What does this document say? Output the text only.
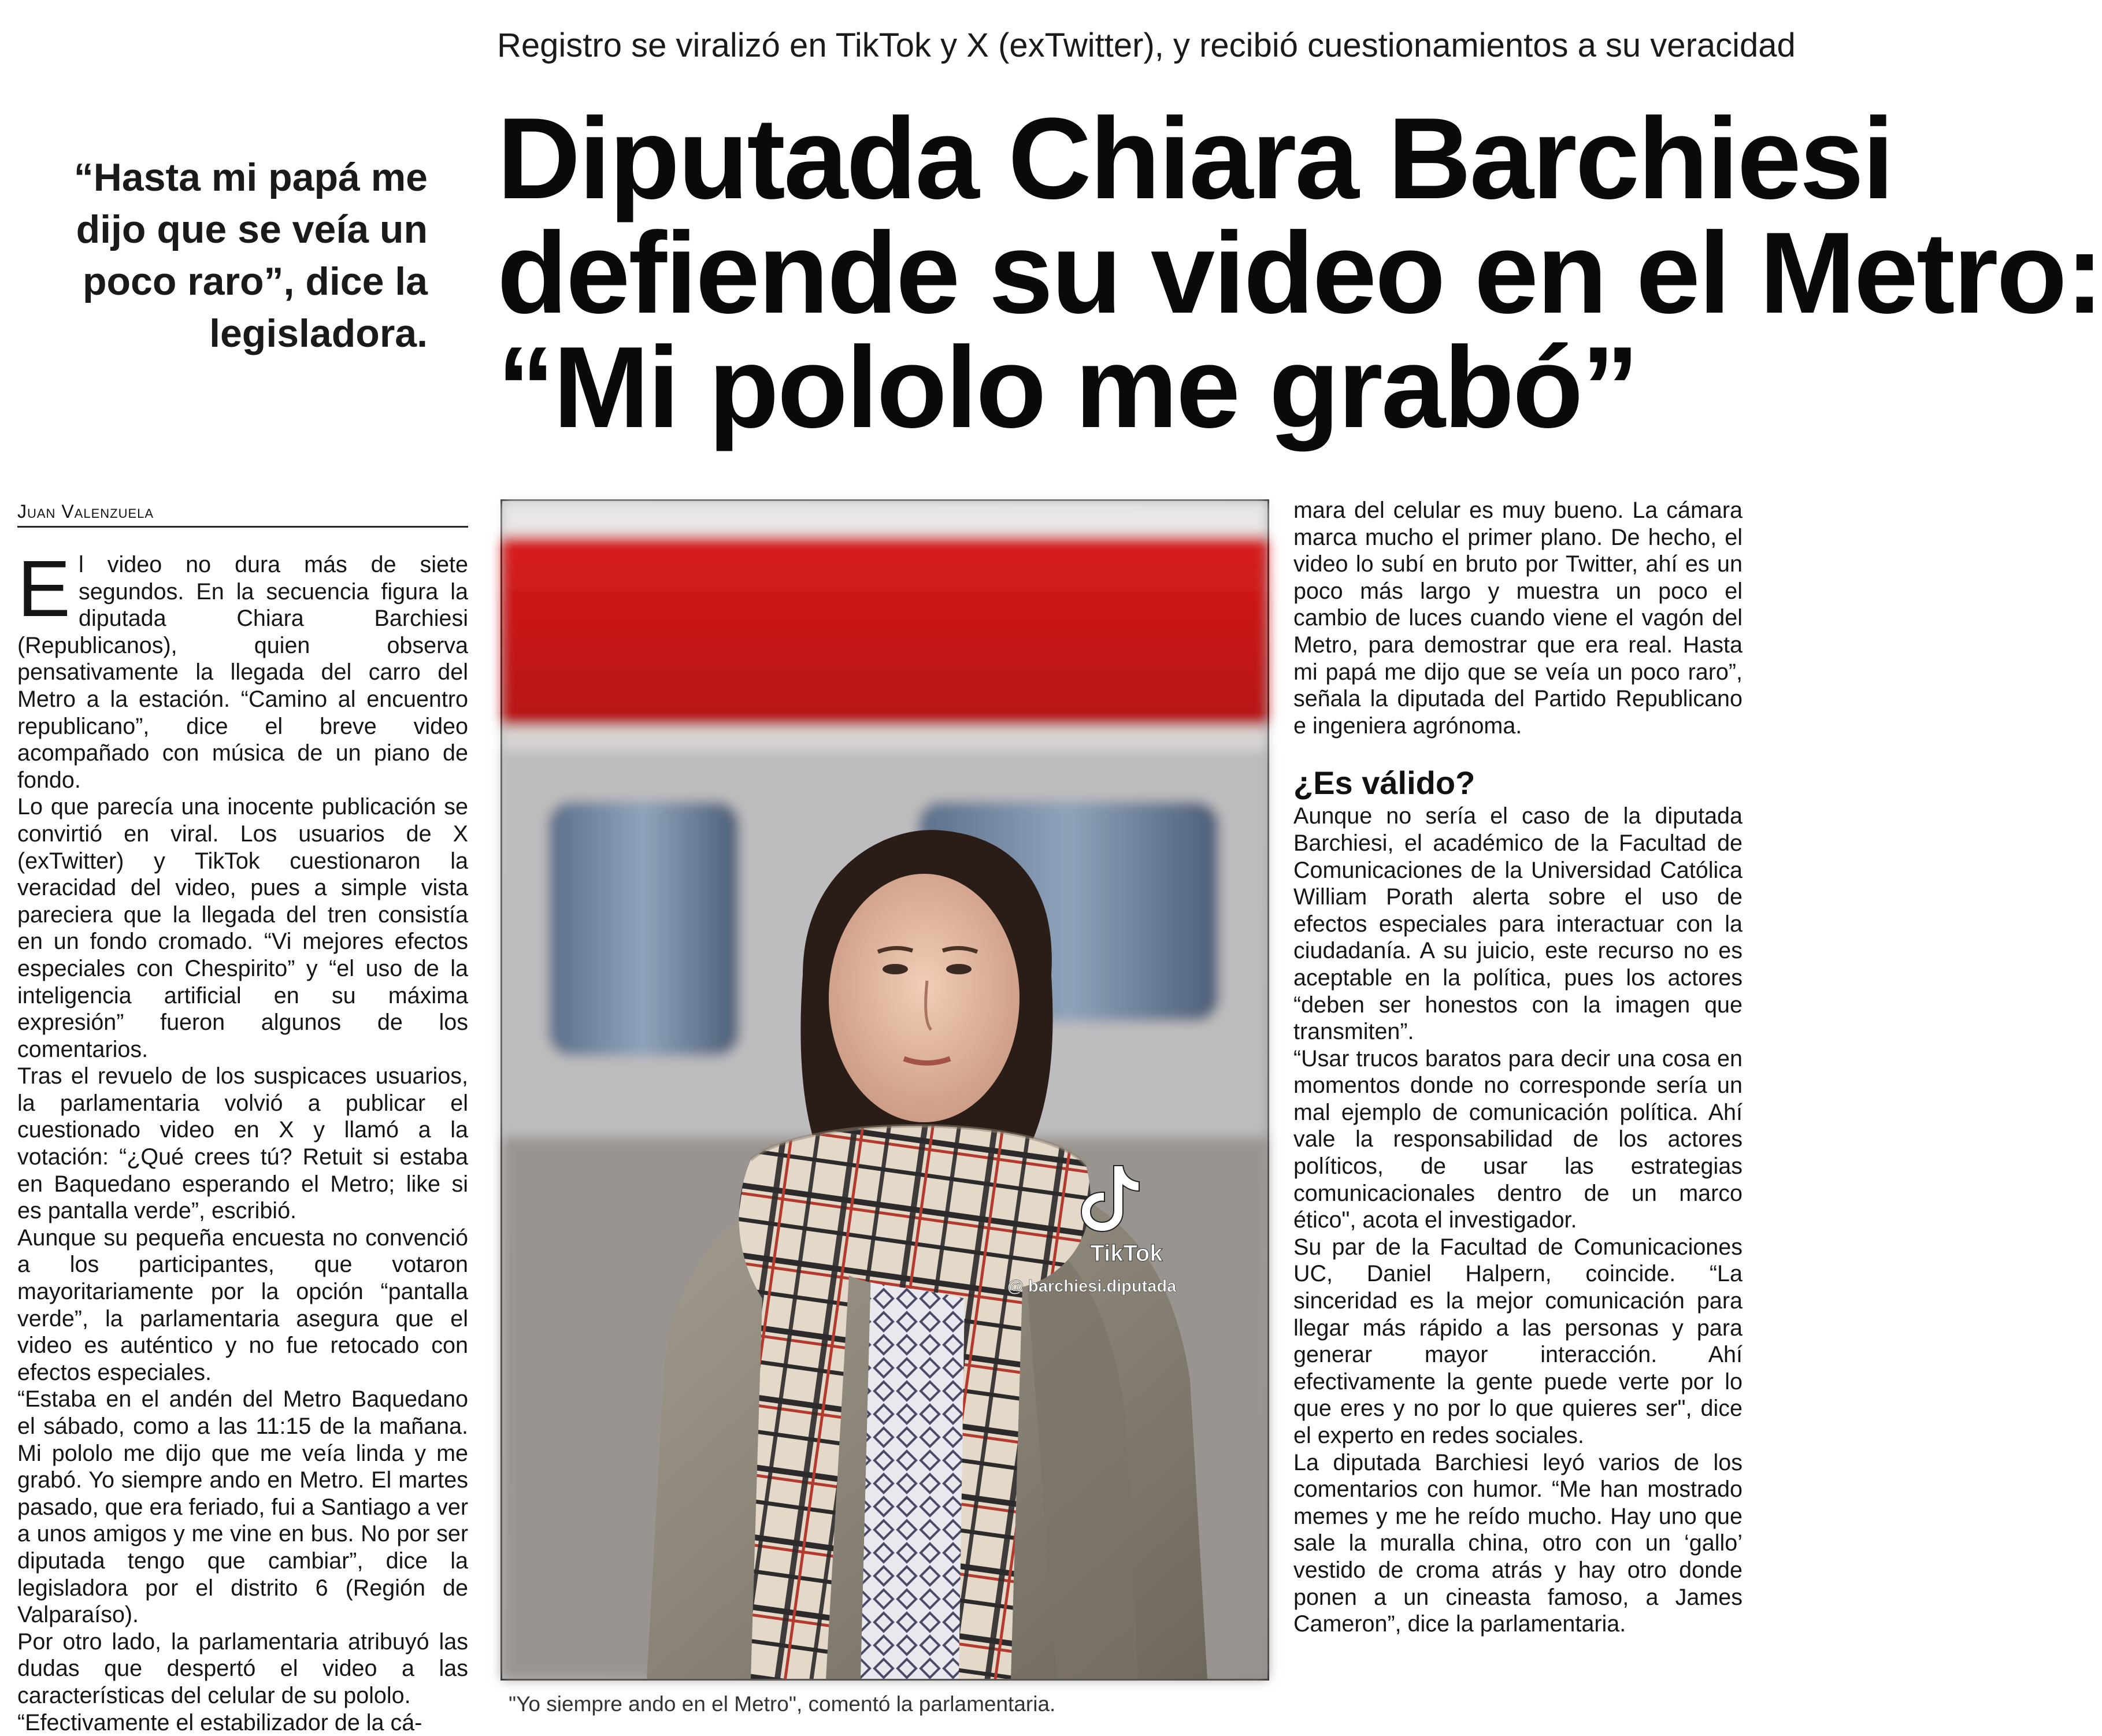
Registro se viralizó en TikTok y X (exTwitter), y recibió cuestionamientos a su veracidad
“Hasta mi papá me dijo que se veía un poco raro”, dice la legisladora.
Diputada Chiara Barchiesi
defiende su video en el Metro:
“Mi pololo me grabó”
Juan Valenzuela

El video no dura más de siete segundos. En la secuencia figura la diputada Chiara Barchiesi (Republicanos), quien observa pensativamente la llegada del carro del Metro a la estación. “Camino al encuentro republicano”, dice el breve video acompañado con música de un piano de fondo.

Lo que parecía una inocente publicación se convirtió en viral. Los usuarios de X (exTwitter) y TikTok cuestionaron la veracidad del video, pues a simple vista pareciera que la llegada del tren consistía en un fondo cromado. “Vi mejores efectos especiales con Chespirito” y “el uso de la inteligencia artificial en su máxima expresión” fueron algunos de los comentarios.

Tras el revuelo de los suspicaces usuarios, la parlamentaria volvió a publicar el cuestionado video en X y llamó a la votación: “¿Qué crees tú? Retuit si estaba en Baquedano esperando el Metro; like si es pantalla verde”, escribió.

Aunque su pequeña encuesta no convenció a los participantes, que votaron mayoritariamente por la opción “pantalla verde”, la parlamentaria asegura que el video es auténtico y no fue retocado con efectos especiales.

“Estaba en el andén del Metro Baquedano el sábado, como a las 11:15 de la mañana. Mi pololo me dijo que me veía linda y me grabó. Yo siempre ando en Metro. El martes pasado, que era feriado, fui a Santiago a ver a unos amigos y me vine en bus. No por ser diputada tengo que cambiar”, dice la legisladora por el distrito 6 (Región de Valparaíso).

Por otro lado, la parlamentaria atribuyó las dudas que despertó el video a las características del celular de su pololo.

“Efectivamente el estabilizador de la cá-

TikTok
@ barchiesi.diputada
"Yo siempre ando en el Metro", comentó la parlamentaria.

mara del celular es muy bueno. La cámara marca mucho el primer plano. De hecho, el video lo subí en bruto por Twitter, ahí es un poco más largo y muestra un poco el cambio de luces cuando viene el vagón del Metro, para demostrar que era real. Hasta mi papá me dijo que se veía un poco raro”, señala la diputada del Partido Republicano e ingeniera agrónoma.

¿Es válido?

Aunque no sería el caso de la diputada Barchiesi, el académico de la Facultad de Comunicaciones de la Universidad Católica William Porath alerta sobre el uso de efectos especiales para interactuar con la ciudadanía. A su juicio, este recurso no es aceptable en la política, pues los actores “deben ser honestos con la imagen que transmiten”.

“Usar trucos baratos para decir una cosa en momentos donde no corresponde sería un mal ejemplo de comunicación política. Ahí vale la responsabilidad de los actores políticos, de usar las estrategias comunicacionales dentro de un marco ético", acota el investigador.

Su par de la Facultad de Comunicaciones UC, Daniel Halpern, coincide. “La sinceridad es la mejor comunicación para llegar más rápido a las personas y para generar mayor interacción. Ahí efectivamente la gente puede verte por lo que eres y no por lo que quieres ser", dice el experto en redes sociales.

La diputada Barchiesi leyó varios de los comentarios con humor. “Me han mostrado memes y me he reído mucho. Hay uno que sale la muralla china, otro con un ‘gallo’ vestido de croma atrás y hay otro donde ponen a un cineasta famoso, a James Cameron”, dice la parlamentaria.
